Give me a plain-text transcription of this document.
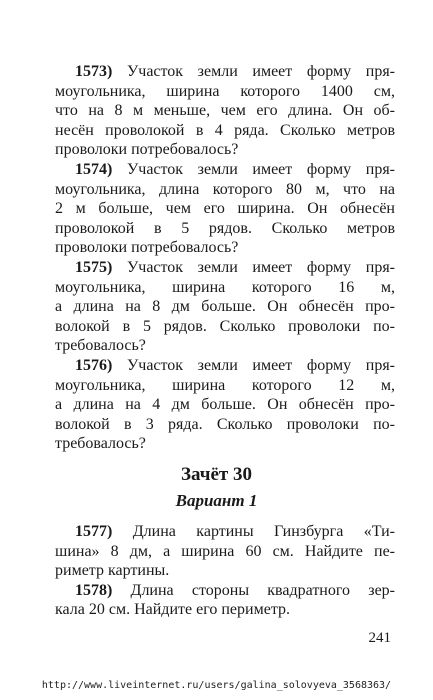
1573) Участок земли имеет форму пря-
моугольника, ширина которого 1400 см,
что на 8 м меньше, чем его длина. Он об-
несён проволокой в 4 ряда. Сколько метров
проволоки потребовалось?
1574) Участок земли имеет форму пря-
моугольника, длина которого 80 м, что на
2 м больше, чем его ширина. Он обнесён
проволокой в 5 рядов. Сколько метров
проволоки потребовалось?
1575) Участок земли имеет форму пря-
моугольника, ширина которого 16 м,
а длина на 8 дм больше. Он обнесён про-
волокой в 5 рядов. Сколько проволоки по-
требовалось?
1576) Участок земли имеет форму пря-
моугольника, ширина которого 12 м,
а длина на 4 дм больше. Он обнесён про-
волокой в 3 ряда. Сколько проволоки по-
требовалось?
Зачёт 30
Вариант 1
1577) Длина картины Гинзбурга «Ти-
шина» 8 дм, а ширина 60 см. Найдите пе-
риметр картины.
1578) Длина стороны квадратного зер-
кала 20 см. Найдите его периметр.
241
http://www.liveinternet.ru/users/galina_solovyeva_3568363/
